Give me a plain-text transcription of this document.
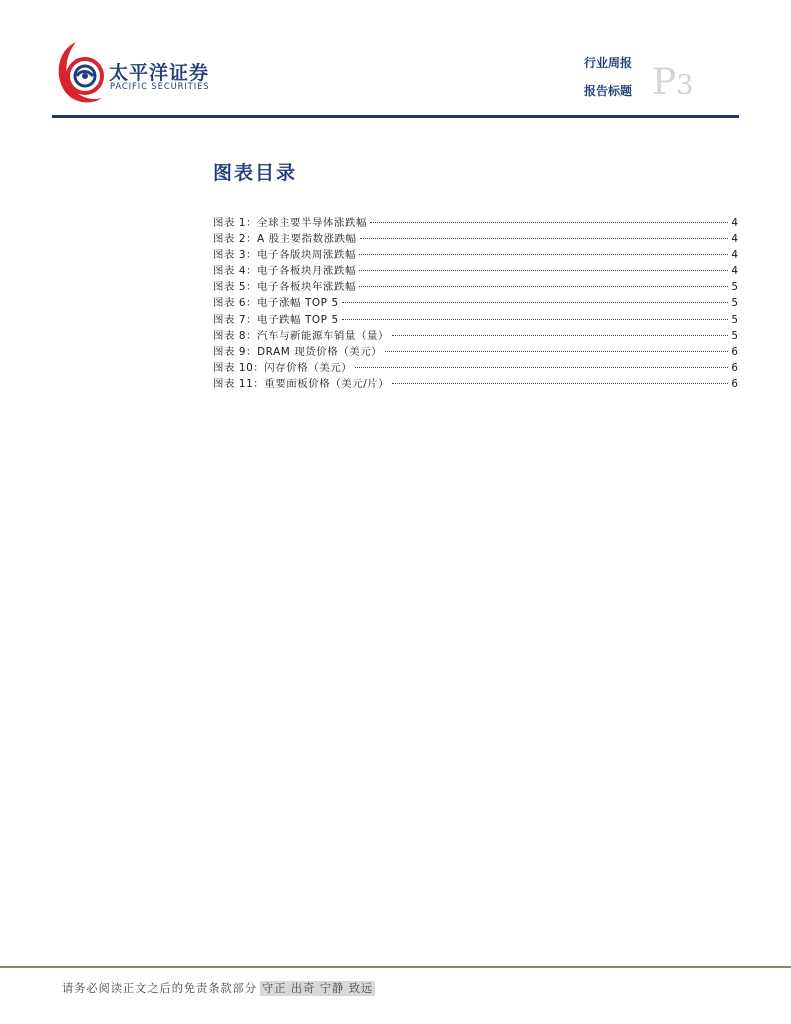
太平洋证券
PACIFIC SECURITIES
行业周报
报告标题 P3
图表目录
图表 1：全球主要半导体涨跌幅	4
图表 2：A 股主要指数涨跌幅	4
图表 3：电子各版块周涨跌幅	4
图表 4：电子各板块月涨跌幅	4
图表 5：电子各板块年涨跌幅	5
图表 6：电子涨幅 TOP 5	5
图表 7：电子跌幅 TOP 5	5
图表 8：汽车与新能源车销量（量）	5
图表 9：DRAM 现货价格（美元）	6
图表 10：闪存价格（美元）	6
图表 11：重要面板价格（美元/片）	6
请务必阅读正文之后的免责条款部分 守正 出奇 宁静 致远
